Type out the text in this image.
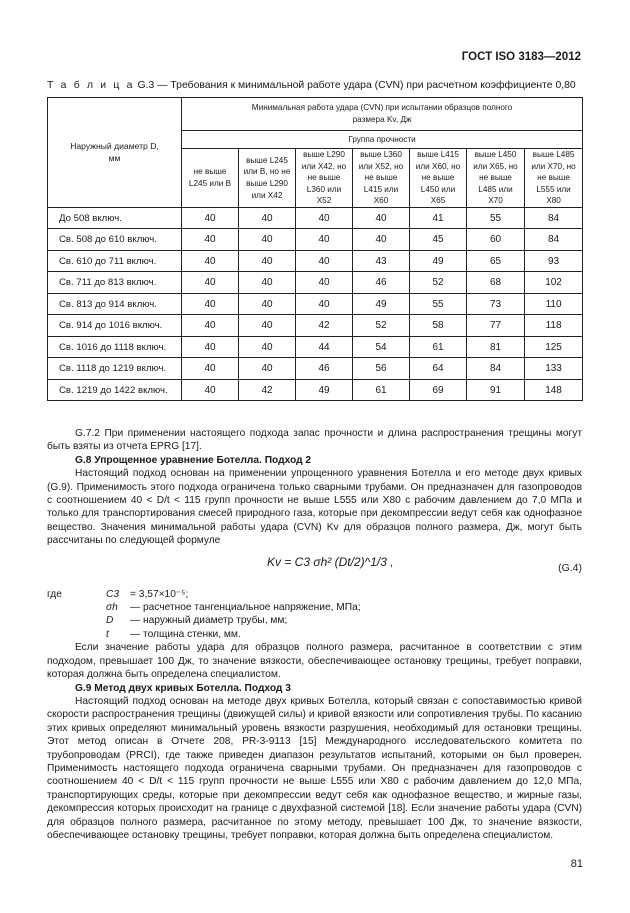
ГОСТ ISO 3183—2012
Т а б л и ц а G.3 — Требования к минимальной работе удара (CVN) при расчетном коэффициенте 0,80
Наружный диаметр D, мм	Минимальная работа удара (CVN) при испытании образцов полного размера Kv, Дж						
	Группа прочности						
	не выше L245 или B	выше L245 или B, но не выше L290 или X42	выше L290 или X42, но не выше L360 или X52	выше L360 или X52, но не выше L415 или X60	выше L415 или X60, но не выше L450 или X65	выше L450 или X65, но не выше L485 или X70	выше L485 или X70, но не выше L555 или X80
До 508 включ.	40	40	40	40	41	55	84
Св. 508 до 610 включ.	40	40	40	40	45	60	84
Св. 610 до 711 включ.	40	40	40	43	49	65	93
Св. 711 до 813 включ.	40	40	40	46	52	68	102
Св. 813 до 914 включ.	40	40	40	49	55	73	110
Св. 914 до 1016 включ.	40	40	42	52	58	77	118
Св. 1016 до 1118 включ.	40	40	44	54	61	81	125
Св. 1118 до 1219 включ.	40	40	46	56	64	84	133
Св. 1219 до 1422 включ.	40	42	49	61	69	91	148

G.7.2 При применении настоящего подхода запас прочности и длина распространения трещины могут быть взяты из отчета EPRG [17].

G.8 Упрощенное уравнение Ботелла. Подход 2

Настоящий подход основан на применении упрощенного уравнения Ботелла и его методе двух кривых (G.9). Применимость этого подхода ограничена только сварными трубами. Он предназначен для газопроводов с соотношением 40 < D/t < 115 групп прочности не выше L555 или X80 с рабочим давлением до 7,0 МПа и только для транспортирования смесей природного газа, которые при декомпрессии ведут себя как однофазное вещество. Значения минимальной работы удара (CVN) Kv для образцов полного размера, Дж, могут быть рассчитаны по следующей формуле

Kv = C3 σh² (Dt/2)^1/3 ,	(G.4)
где	C3	= 3,57×10⁻⁵;
σh	— расчетное тангенциальное напряжение, МПа;
D	— наружный диаметр трубы, мм;
t	— толщина стенки, мм.

Если значение работы удара для образцов полного размера, расчитанное в соответствии с этим подходом, превышает 100 Дж, то значение вязкости, обеспечивающее остановку трещины, требует поправки, которая должна быть определена специалистом.

G.9 Метод двух кривых Ботелла. Подход 3

Настоящий подход основан на методе двух кривых Ботелла, который связан с сопоставимостью кривой скорости распространения трещины (движущей силы) и кривой вязкости или сопротивления трубы. По касанию этих кривых определяют минимальный уровень вязкости разрушения, необходимый для остановки трещины. Этот метод описан в Отчете 208, PR-3-9113 [15] Международного исследовательского комитета по трубопроводам (PRCI), где также приведен диапазон результатов испытаний, которыми он был проверен. Применимость настоящего подхода ограничена сварными трубами. Он предназначен для газопроводов с соотношением 40 < D/t < 115 групп прочности не выше L555 или X80 с рабочим давлением до 12,0 МПа, транспортирующих среды, которые при декомпрессии ведут себя как однофазное вещество, и жирные газы, декомпрессия которых происходит на границе с двухфазной системой [18]. Если значение работы удара (CVN) для образцов полного размера, расчитанное по этому методу, превышает 100 Дж, то значение вязкости, обеспечивающее остановку трещины, требует поправки, которая должна быть определена специалистом.

81
